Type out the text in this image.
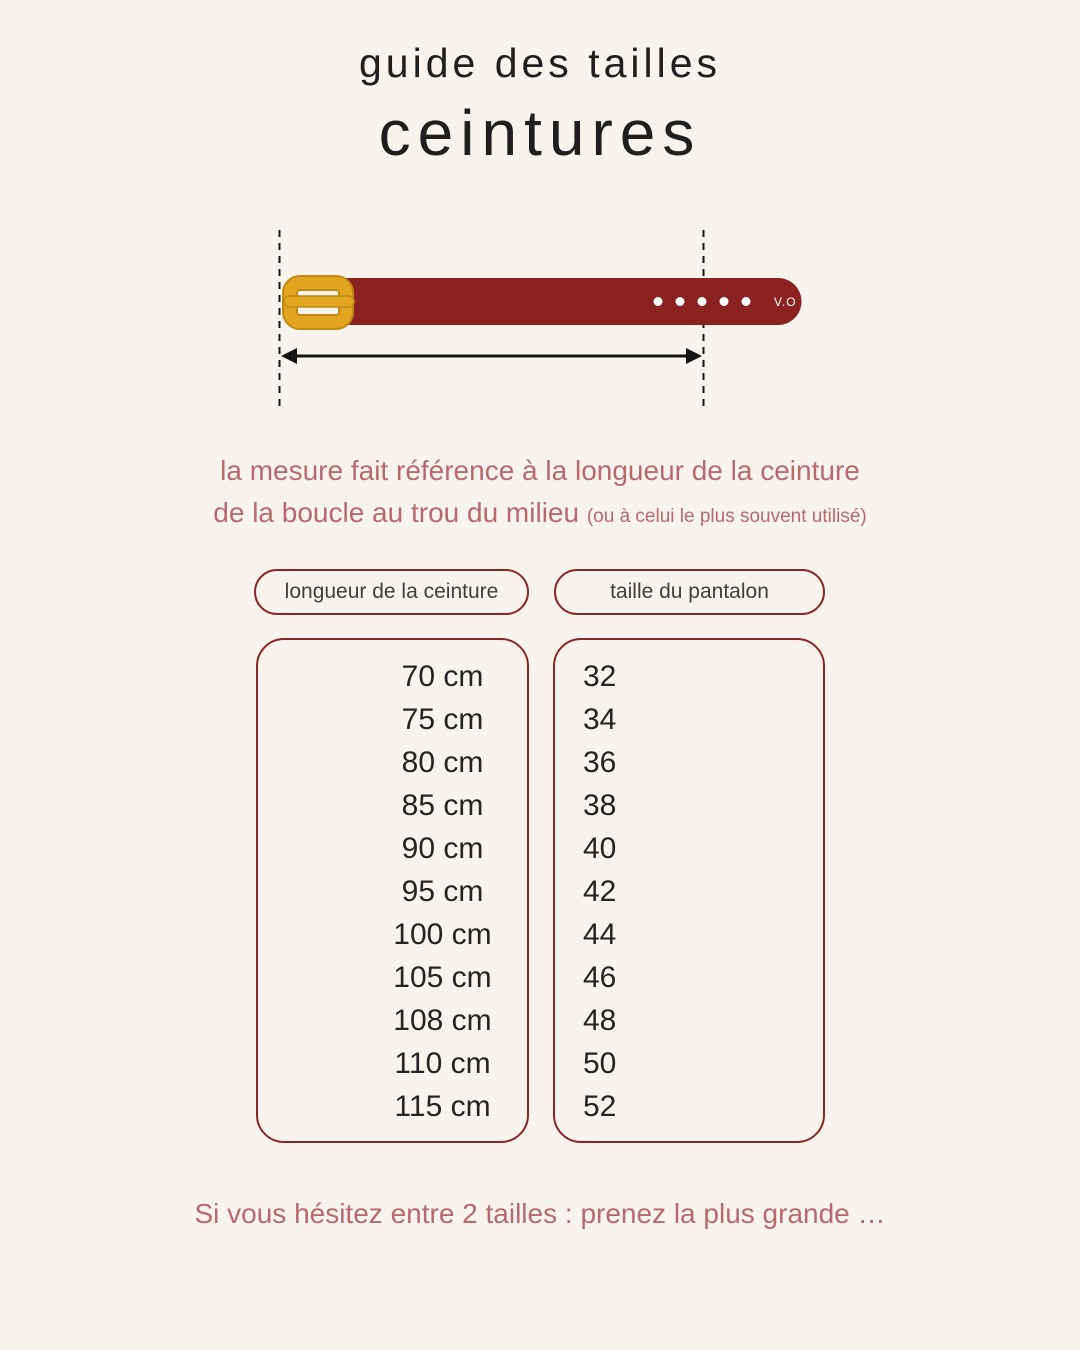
guide des tailles
ceintures
V.O
la mesure fait référence à la longueur de la ceinture
de la boucle au trou du milieu (ou à celui le plus souvent utilisé)
longueur de la ceinture	taille du pantalon
70 cm
75 cm
80 cm
85 cm
90 cm
95 cm
100 cm
105 cm
108 cm
110 cm
115 cm
32
34
36
38
40
42
44
46
48
50
52
Si vous hésitez entre 2 tailles : prenez la plus grande …
